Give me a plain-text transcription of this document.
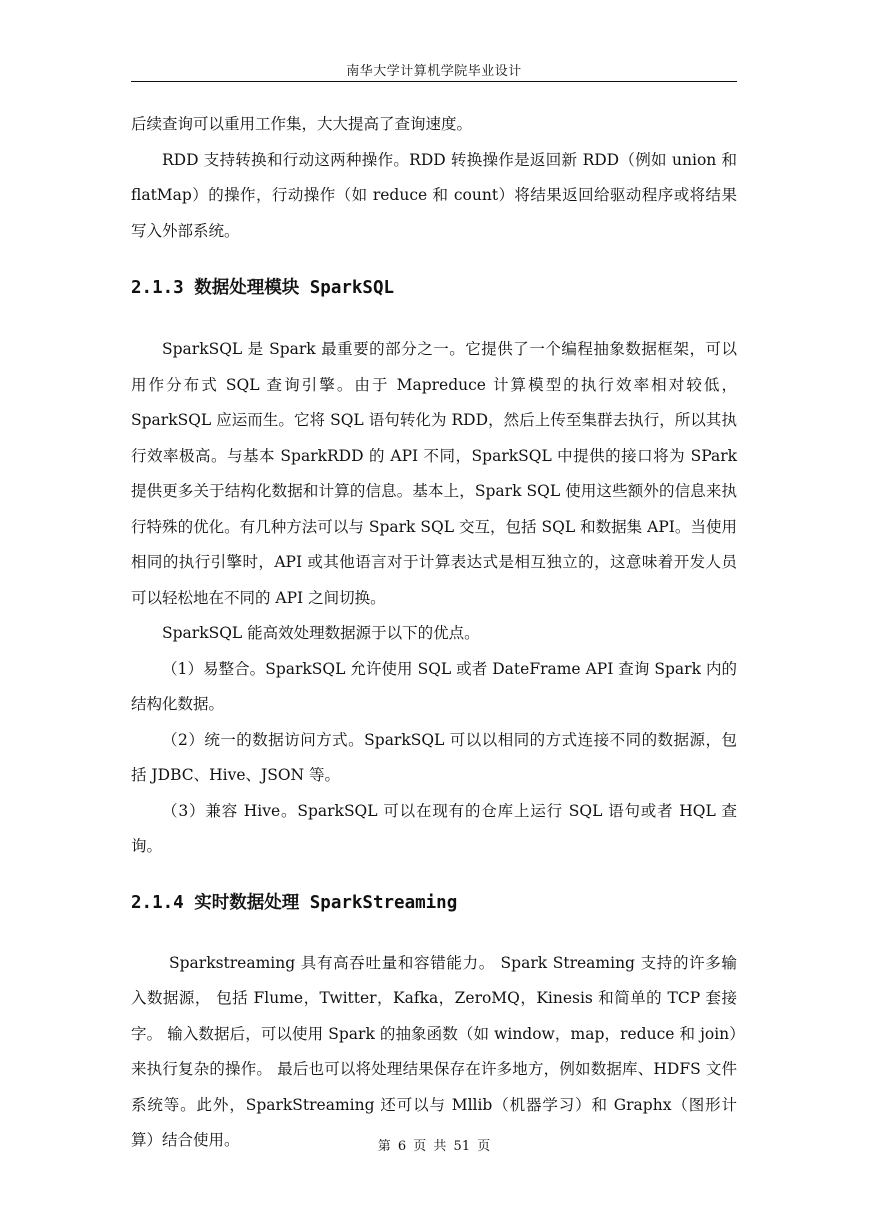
南华大学计算机学院毕业设计

后续查询可以重用工作集，大大提高了查询速度。

RDD 支持转换和行动这两种操作。RDD 转换操作是返回新 RDD（例如 union 和 flatMap）的操作，行动操作（如 reduce 和 count）将结果返回给驱动程序或将结果写入外部系统。

2.1.3 数据处理模块 SparkSQL

SparkSQL 是 Spark 最重要的部分之一。它提供了一个编程抽象数据框架，可以用作分布式 SQL 查询引擎。由于 Mapreduce 计算模型的执行效率相对较低，SparkSQL 应运而生。它将 SQL 语句转化为 RDD，然后上传至集群去执行，所以其执行效率极高。与基本 SparkRDD 的 API 不同，SparkSQL 中提供的接口将为 SPark 提供更多关于结构化数据和计算的信息。基本上，Spark SQL 使用这些额外的信息来执行特殊的优化。有几种方法可以与 Spark SQL 交互，包括 SQL 和数据集 API。当使用相同的执行引擎时，API 或其他语言对于计算表达式是相互独立的，这意味着开发人员可以轻松地在不同的 API 之间切换。

SparkSQL 能高效处理数据源于以下的优点。

（1）易整合。SparkSQL 允许使用 SQL 或者 DateFrame API 查询 Spark 内的结构化数据。

（2）统一的数据访问方式。SparkSQL 可以以相同的方式连接不同的数据源，包括 JDBC、Hive、JSON 等。

（3）兼容 Hive。SparkSQL 可以在现有的仓库上运行 SQL 语句或者 HQL 查询。

2.1.4 实时数据处理 SparkStreaming

Sparkstreaming 具有高吞吐量和容错能力。 Spark Streaming 支持的许多输入数据源， 包括 Flume，Twitter，Kafka，ZeroMQ，Kinesis 和简单的 TCP 套接字。 输入数据后，可以使用 Spark 的抽象函数（如 window，map，reduce 和 join）来执行复杂的操作。 最后也可以将处理结果保存在许多地方，例如数据库、HDFS 文件系统等。此外，SparkStreaming 还可以与 Mllib（机器学习）和 Graphx（图形计算）结合使用。	第 6 页 共 51 页
